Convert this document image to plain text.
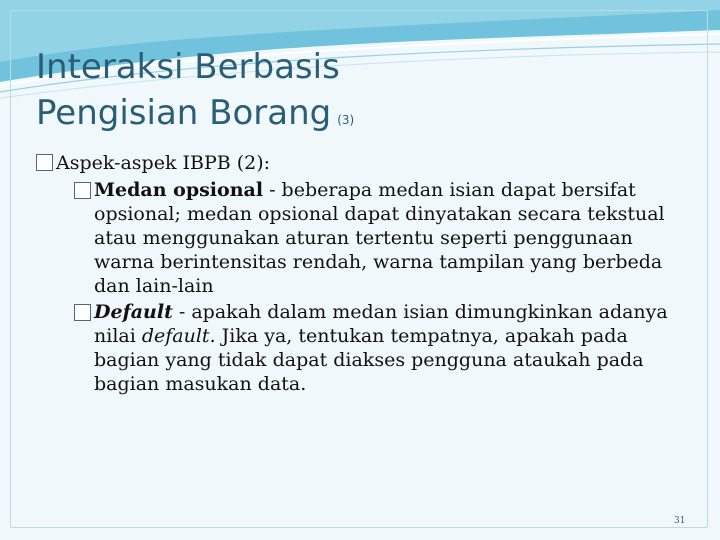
Interaksi Berbasis
Pengisian Borang (3)
Aspek-aspek IBPB (2):
Medan opsional - beberapa medan isian dapat bersifat opsional; medan opsional dapat dinyatakan secara tekstual atau menggunakan aturan tertentu seperti penggunaan warna berintensitas rendah, warna tampilan yang berbeda dan lain-lain
Default - apakah dalam medan isian dimungkinkan adanya nilai default. Jika ya, tentukan tempatnya, apakah pada bagian yang tidak dapat diakses pengguna ataukah pada bagian masukan data.
31
